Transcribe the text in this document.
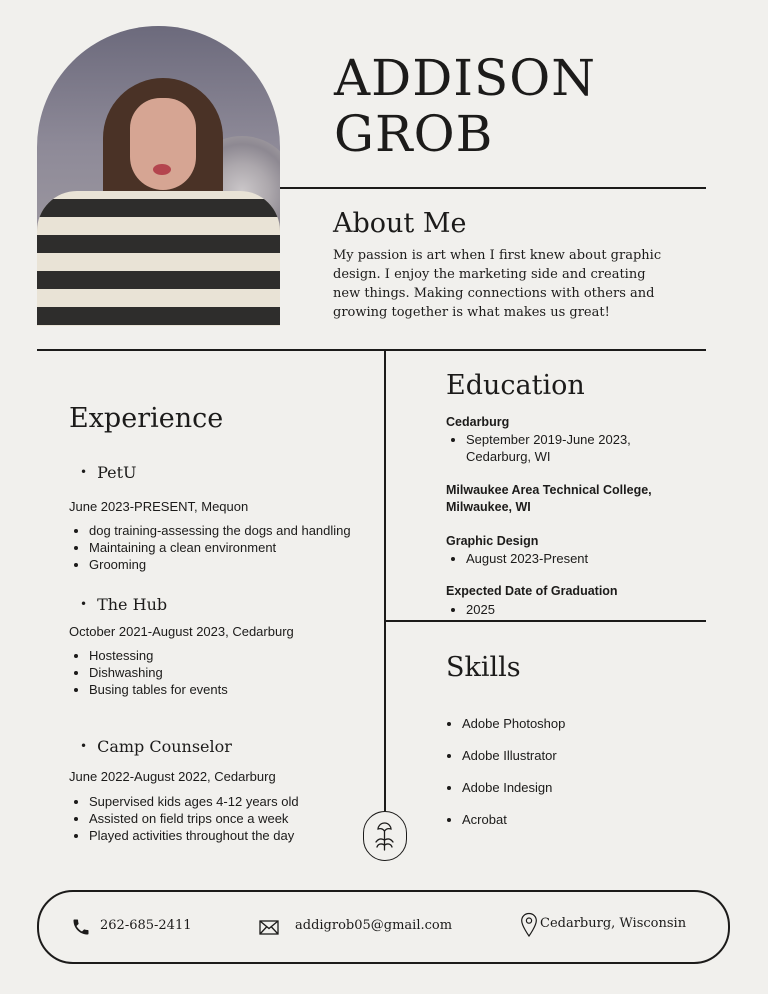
ADDISON
GROB
About Me

My passion is art when I first knew about graphic design. I enjoy the marketing side and creating new things. Making connections with others and growing together is what makes us great!

Experience
• PetU
June 2023-PRESENT, Mequon
• dog training-assessing the dogs and handling
• Maintaining a clean environment
• Grooming
• The Hub
October 2021-August 2023, Cedarburg
• Hostessing
• Dishwashing
• Busing tables for events
• Camp Counselor
June 2022-August 2022, Cedarburg
• Supervised kids ages 4-12 years old
• Assisted on field trips once a week
• Played activities throughout the day
Education
Cedarburg
• September 2019-June 2023, Cedarburg, WI
Milwaukee Area Technical College, Milwaukee, WI
Graphic Design
• August 2023-Present
Expected Date of Graduation
• 2025
Skills
• Adobe Photoshop
• Adobe Illustrator
• Adobe Indesign
• Acrobat
262-685-2411	addigrob05@gmail.com	Cedarburg, Wisconsin
